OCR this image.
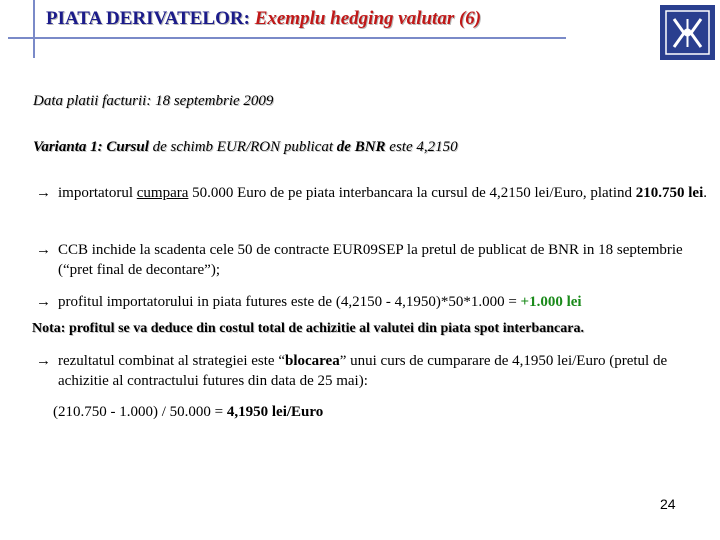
PIATA DERIVATELOR: Exemplu hedging valutar (6)
Data platii facturii: 18 septembrie 2009
Varianta 1: Cursul de schimb EUR/RON publicat de BNR este 4,2150
→ importatorul cumpara 50.000 Euro de pe piata interbancara la cursul de 4,2150 lei/Euro, platind 210.750 lei.
→ CCB inchide la scadenta cele 50 de contracte EUR09SEP la pretul de publicat de BNR in 18 septembrie (“pret final de decontare”);
→ profitul importatorului in piata futures este de (4,2150 - 4,1950)*50*1.000 = +1.000 lei
Nota: profitul se va deduce din costul total de achizitie al valutei din piata spot interbancara.
→ rezultatul combinat al strategiei este “blocarea” unui curs de cumparare de 4,1950 lei/Euro (pretul de achizitie al contractului futures din data de 25 mai):
(210.750 - 1.000) / 50.000 = 4,1950 lei/Euro
24
